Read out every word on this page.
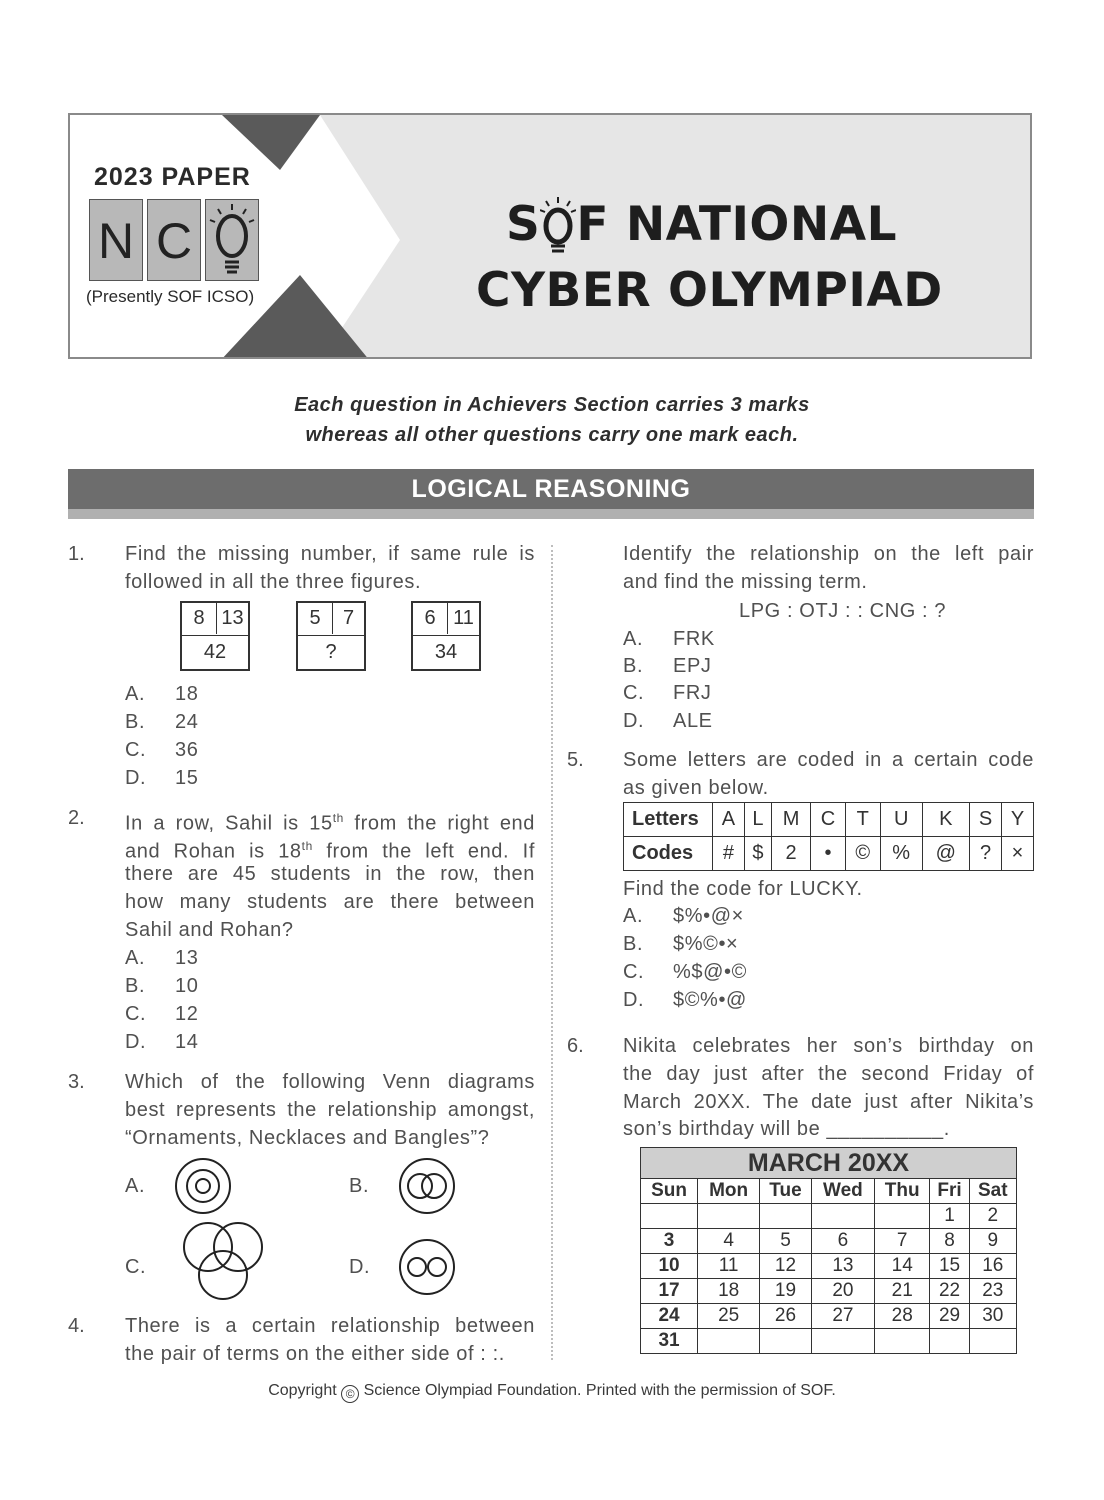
2023 PAPER
N C
(Presently SOF ICSO)
S F NATIONAL
CYBER OLYMPIAD
Each question in Achievers Section carries 3 marks
whereas all other questions carry one mark each.
LOGICAL REASONING
1. Find the missing number, if same rule is
followed in all the three figures.
8 13
42
5	7
?
6 11
34
A. 18
B. 24
C. 36
D. 15
2. In a row, Sahil is 15th from the right end
and Rohan is 18th from the left end. If
there are 45 students in the row, then
how many students are there between
Sahil and Rohan?
A. 13
B. 10
C. 12
D. 14
3. Which of the following Venn diagrams
best represents the relationship amongst,
“Ornaments, Necklaces and Bangles”?
A.	B.
C.	D.
4. There is a certain relationship between
the pair of terms on the either side of : :.
Identify the relationship on the left pair
and find the missing term.
LPG : OTJ : : CNG : ?
A. FRK
B. EPJ
C. FRJ
D. ALE
5. Some letters are coded in a certain code
as given below.
Letters	A	L	M	C	T	U	K	S	Y
Codes	#	$	2	•	©	%	@	?	×
Find the code for LUCKY.
A. $%•@×
B. $%©•×
C. %$@•©
D. $©%•@
6. Nikita celebrates her son’s birthday on
the day just after the second Friday of
March 20XX. The date just after Nikita’s
son’s birthday will be __________.
MARCH 20XX						
Sun	Mon	Tue	Wed	Thu	Fri	Sat
					1	2
3	4	5	6	7	8	9
10	11	12	13	14	15	16
17	18	19	20	21	22	23
24	25	26	27	28	29	30
31						
Copyright © Science Olympiad Foundation. Printed with the permission of SOF.
